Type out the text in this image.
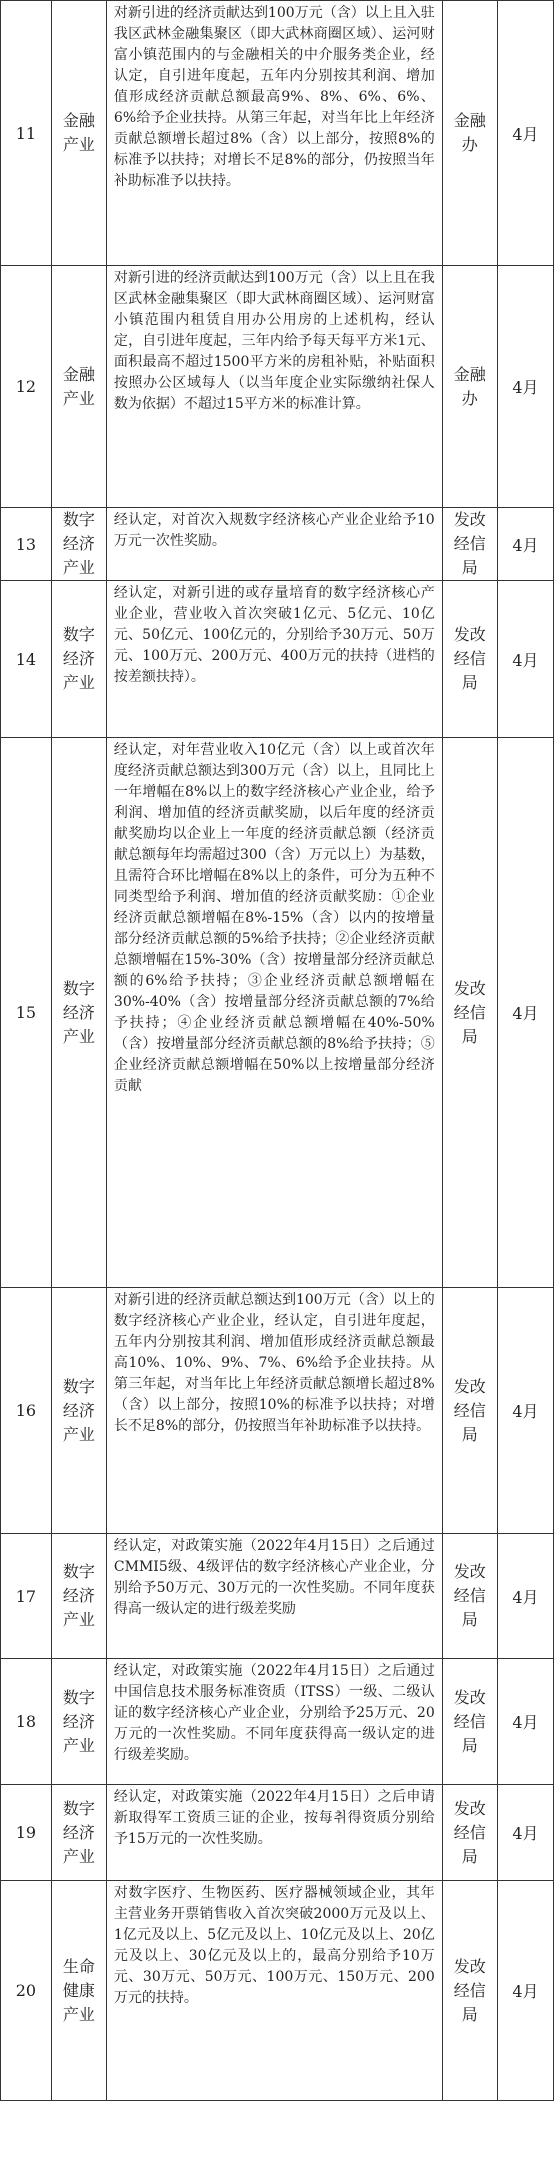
11	金融产业	对新引进的经济贡献达到100万元（含）以上且入驻我区武林金融集聚区（即大武林商圈区域）、运河财富小镇范围内的与金融相关的中介服务类企业，经认定，自引进年度起，五年内分别按其利润、增加值形成经济贡献总额最高9%、8%、6%、6%、6%给予企业扶持。从第三年起，对当年比上年经济贡献总额增长超过8%（含）以上部分，按照8%的标准予以扶持；对增长不足8%的部分，仍按照当年补助标准予以扶持。	金融办	4月
12	金融产业	对新引进的经济贡献达到100万元（含）以上且在我区武林金融集聚区（即大武林商圈区域）、运河财富小镇范围内租赁自用办公用房的上述机构，经认定，自引进年度起，三年内给予每天每平方米1元、面积最高不超过1500平方米的房租补贴，补贴面积按照办公区域每人（以当年度企业实际缴纳社保人数为依据）不超过15平方米的标准计算。	金融办	4月
13	数字经济产业	经认定，对首次入规数字经济核心产业企业给予10万元一次性奖励。	发改经信局	4月
14	数字经济产业	经认定，对新引进的或存量培育的数字经济核心产业企业，营业收入首次突破1亿元、5亿元、10亿元、50亿元、100亿元的，分别给予30万元、50万元、100万元、200万元、400万元的扶持（进档的按差额扶持）。	发改经信局	4月
15	数字经济产业	经认定，对年营业收入10亿元（含）以上或首次年度经济贡献总额达到300万元（含）以上，且同比上一年增幅在8%以上的数字经济核心产业企业，给予利润、增加值的经济贡献奖励，以后年度的经济贡献奖励均以企业上一年度的经济贡献总额（经济贡献总额每年均需超过300（含）万元以上）为基数，且需符合环比增幅在8%以上的条件，可分为五种不同类型给予利润、增加值的经济贡献奖励：①企业经济贡献总额增幅在8%-15%（含）以内的按增量部分经济贡献总额的5%给予扶持；②企业经济贡献总额增幅在15%-30%（含）按增量部分经济贡献总额的6%给予扶持；③企业经济贡献总额增幅在30%-40%（含）按增量部分经济贡献总额的7%给予扶持；④企业经济贡献总额增幅在40%-50%（含）按增量部分经济贡献总额的8%给予扶持；⑤企业经济贡献总额增幅在50%以上按增量部分经济贡献	发改经信局	4月
16	数字经济产业	对新引进的经济贡献总额达到100万元（含）以上的数字经济核心产业企业，经认定，自引进年度起，五年内分别按其利润、增加值形成经济贡献总额最高10%、10%、9%、7%、6%给予企业扶持。从第三年起，对当年比上年经济贡献总额增长超过8%（含）以上部分，按照10%的标准予以扶持；对增长不足8%的部分，仍按照当年补助标准予以扶持。	发改经信局	4月
17	数字经济产业	经认定，对政策实施（2022年4月15日）之后通过CMMI5级、4级评估的数字经济核心产业企业，分别给予50万元、30万元的一次性奖励。不同年度获得高一级认定的进行级差奖励	发改经信局	4月
18	数字经济产业	经认定，对政策实施（2022年4月15日）之后通过中国信息技术服务标准资质（ITSS）一级、二级认证的数字经济核心产业企业，分别给予25万元、20万元的一次性奖励。不同年度获得高一级认定的进行级差奖励。	发改经信局	4月
19	数字经济产业	经认定，对政策实施（2022年4月15日）之后申请新取得军工资质三证的企业，按每취得资质分别给予15万元的一次性奖励。	发改经信局	4月
20	生命健康产业	对数字医疗、生物医药、医疗器械领域企业，其年主营业务开票销售收入首次突破2000万元及以上、1亿元及以上、5亿元及以上、10亿元及以上、20亿元及以上、30亿元及以上的，最高分别给予10万元、30万元、50万元、100万元、150万元、200万元的扶持。	发改经信局	4月
